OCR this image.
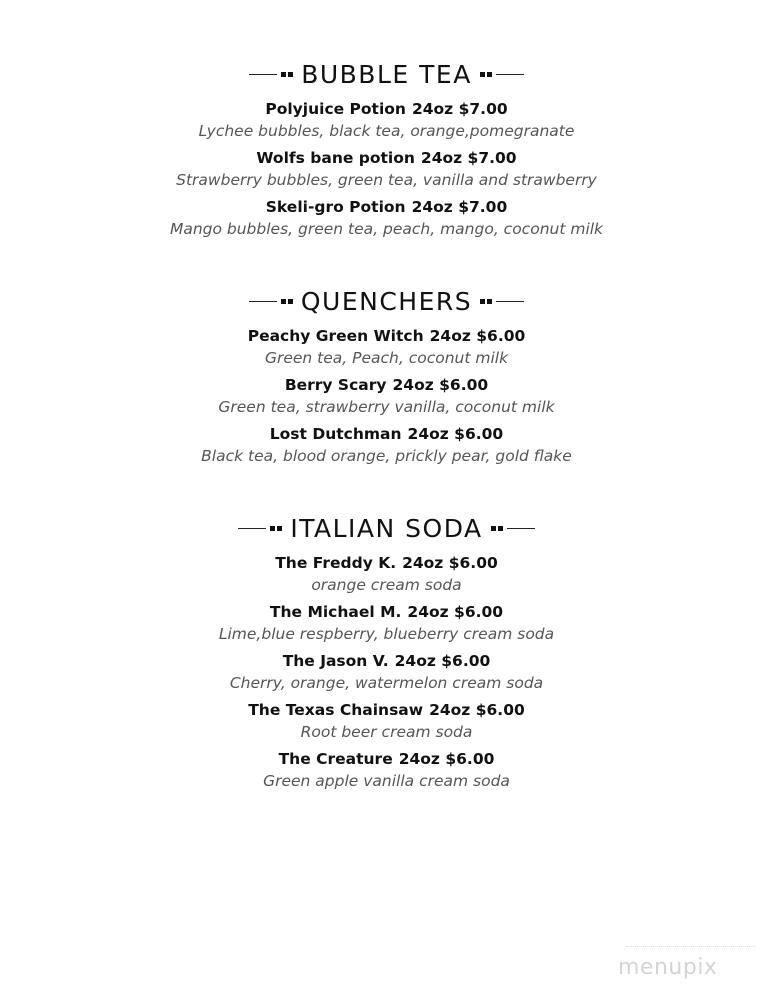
BUBBLE TEA
Polyjuice Potion 24oz $7.00
Lychee bubbles, black tea, orange,pomegranate
Wolfs bane potion 24oz $7.00
Strawberry bubbles, green tea, vanilla and strawberry
Skeli-gro Potion 24oz $7.00
Mango bubbles, green tea, peach, mango, coconut milk
QUENCHERS
Peachy Green Witch 24oz $6.00
Green tea, Peach, coconut milk
Berry Scary 24oz $6.00
Green tea, strawberry vanilla, coconut milk
Lost Dutchman 24oz $6.00
Black tea, blood orange, prickly pear, gold flake
ITALIAN SODA
The Freddy K. 24oz $6.00
orange cream soda
The Michael M. 24oz $6.00
Lime,blue respberry, blueberry cream soda
The Jason V. 24oz $6.00
Cherry, orange, watermelon cream soda
The Texas Chainsaw 24oz $6.00
Root beer cream soda
The Creature 24oz $6.00
Green apple vanilla cream soda
menupix
